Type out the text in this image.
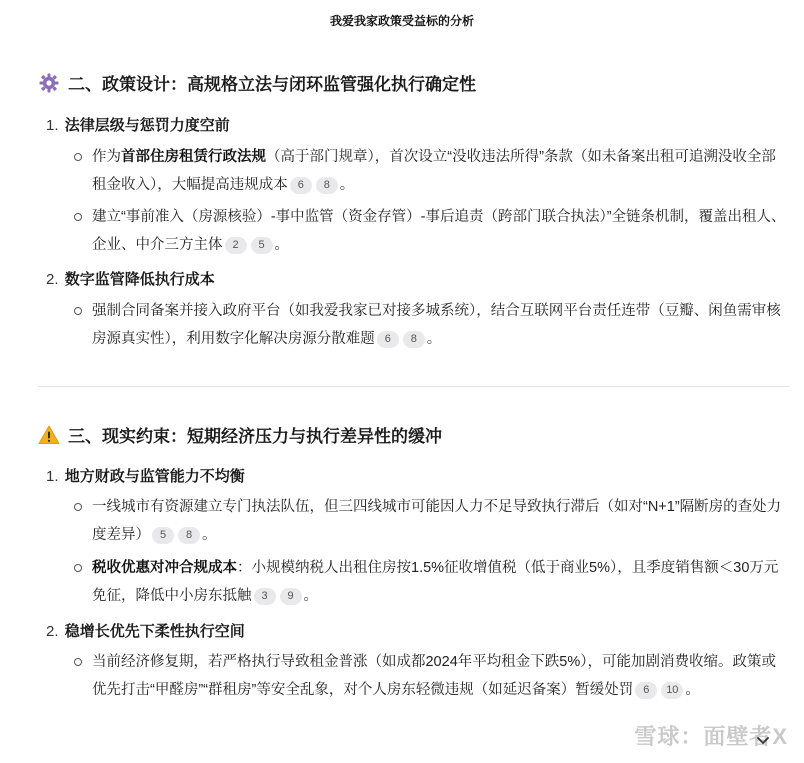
我爱我家政策受益标的分析
二、政策设计：高规格立法与闭环监管强化执行确定性
1. 法律层级与惩罚力度空前
作为首部住房租赁行政法规（高于部门规章），首次设立“没收违法所得”条款（如未备案出租可追溯没收全部租金收入），大幅提高违规成本 6 8 。
建立“事前准入（房源核验）-事中监管（资金存管）-事后追责（跨部门联合执法）”全链条机制，覆盖出租人、企业、中介三方主体 2 5 。
2. 数字监管降低执行成本
强制合同备案并接入政府平台（如我爱我家已对接多城系统），结合互联网平台责任连带（豆瓣、闲鱼需审核房源真实性），利用数字化解决房源分散难题 6 8 。
三、现实约束：短期经济压力与执行差异性的缓冲
1. 地方财政与监管能力不均衡
一线城市有资源建立专门执法队伍，但三四线城市可能因人力不足导致执行滞后（如对“N+1”隔断房的查处力度差异） 5 8 。
税收优惠对冲合规成本：小规模纳税人出租住房按1.5%征收增值税（低于商业5%），且季度销售额＜30万元免征，降低中小房东抵触 3 9 。
2. 稳增长优先下柔性执行空间
当前经济修复期，若严格执行导致租金普涨（如成都2024年平均租金下跌5%），可能加剧消费收缩。政策或优先打击“甲醛房”“群租房”等安全乱象，对个人房东轻微违规（如延迟备案）暂缓处罚 6 10 。
雪球：面壁者X
